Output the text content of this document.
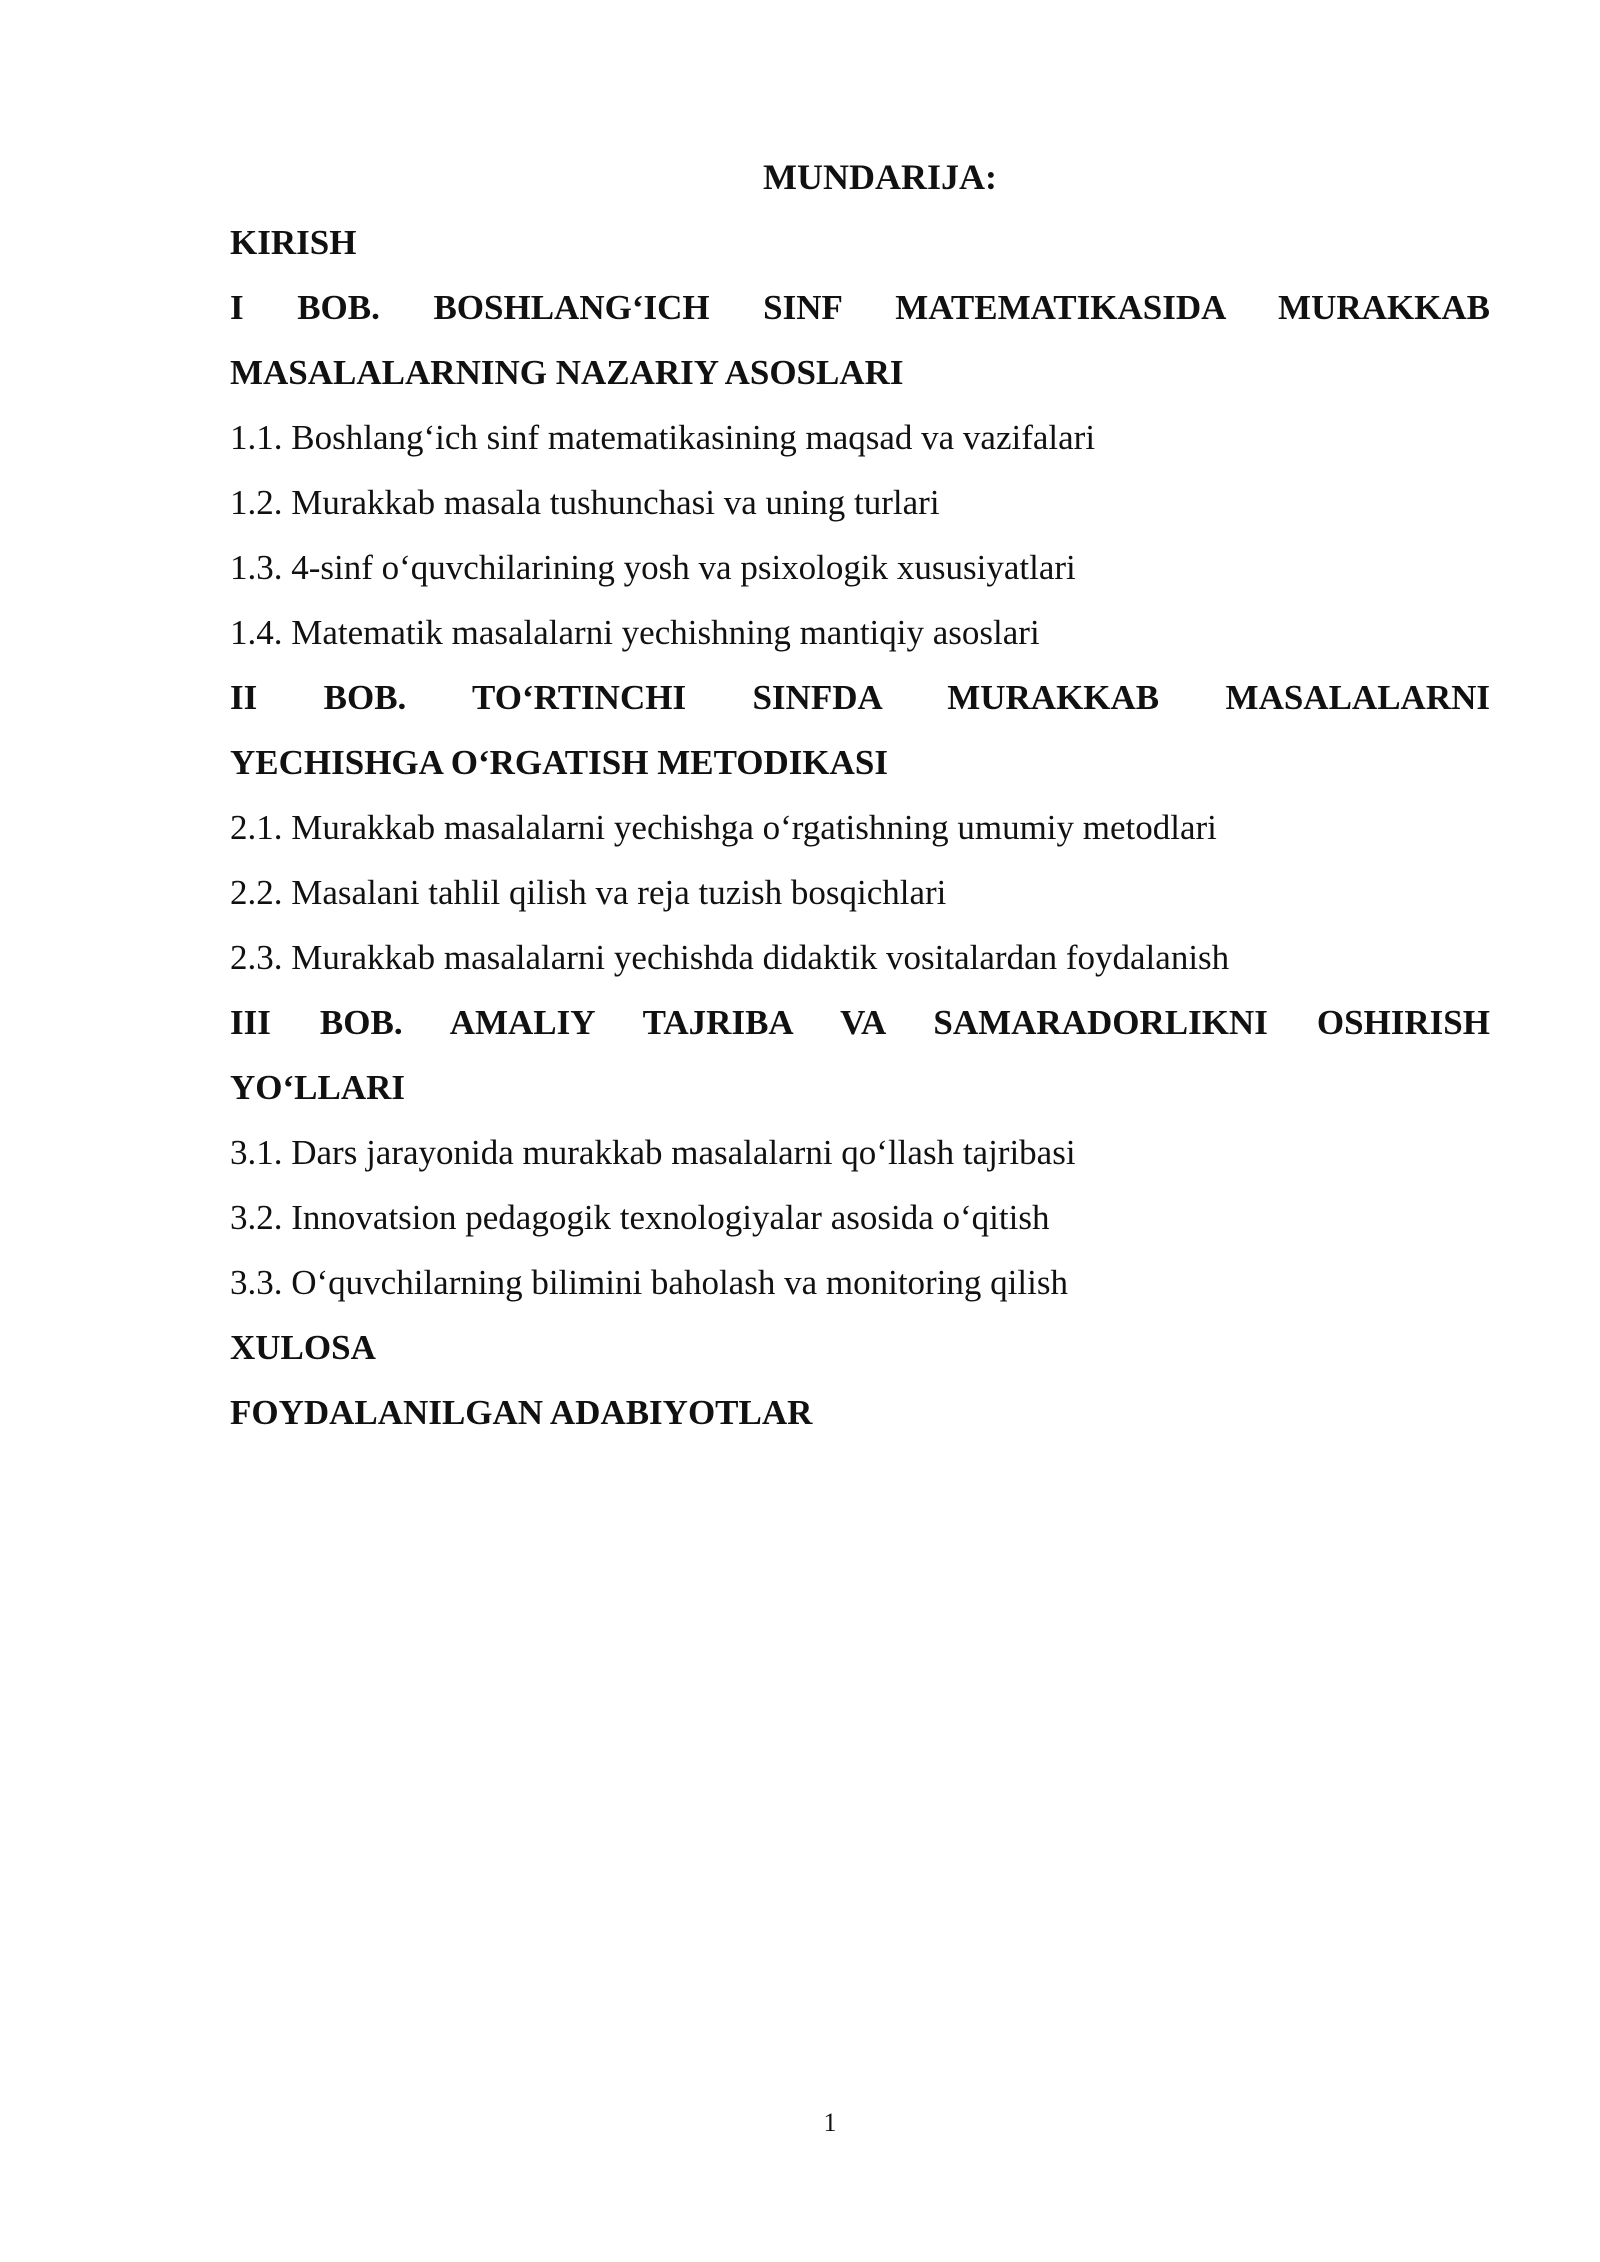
MUNDARIJA:
KIRISH
I BOB. BOSHLANG‘ICH SINF MATEMATIKASIDA MURAKKAB
MASALALARNING NAZARIY ASOSLARI
1.1. Boshlang‘ich sinf matematikasining maqsad va vazifalari
1.2. Murakkab masala tushunchasi va uning turlari
1.3. 4-sinf o‘quvchilarining yosh va psixologik xususiyatlari
1.4. Matematik masalalarni yechishning mantiqiy asoslari
II BOB. TO‘RTINCHI SINFDA MURAKKAB MASALALARNI
YECHISHGA O‘RGATISH METODIKASI
2.1. Murakkab masalalarni yechishga o‘rgatishning umumiy metodlari
2.2. Masalani tahlil qilish va reja tuzish bosqichlari
2.3. Murakkab masalalarni yechishda didaktik vositalardan foydalanish
III BOB. AMALIY TAJRIBA VA SAMARADORLIKNI OSHIRISH
YO‘LLARI
3.1. Dars jarayonida murakkab masalalarni qo‘llash tajribasi
3.2. Innovatsion pedagogik texnologiyalar asosida o‘qitish
3.3. O‘quvchilarning bilimini baholash va monitoring qilish
XULOSA
FOYDALANILGAN ADABIYOTLAR
1
